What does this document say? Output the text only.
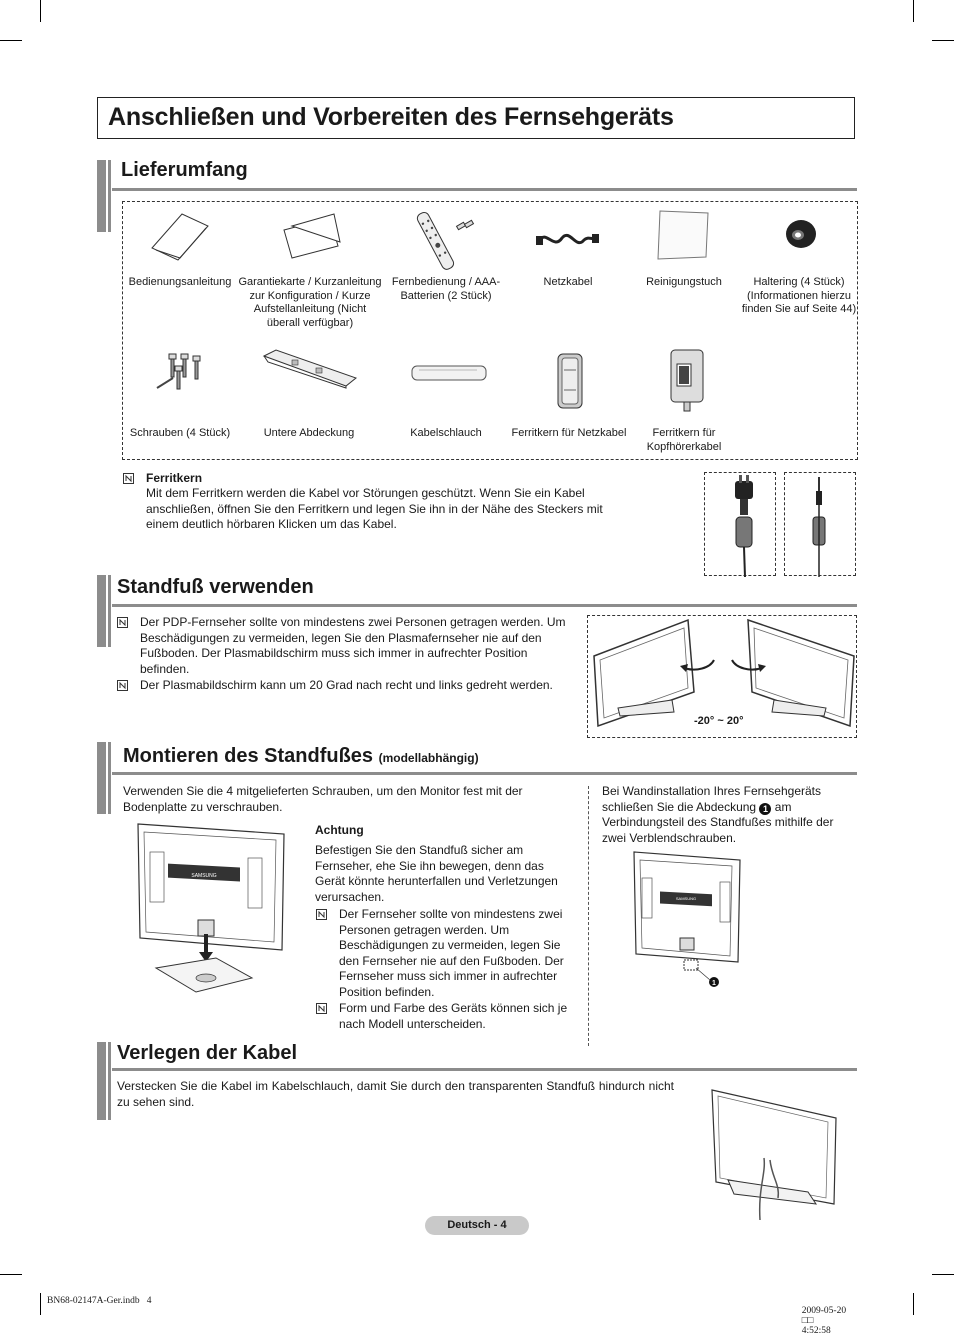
Anschließen und Vorbereiten des Fernsehgeräts
Lieferumfang
Bedienungsanleitung Garantiekarte / Kurzanleitung zur Konfiguration / Kurze Aufstellanleitung (Nicht überall verfügbar)
Fernbedienung / AAA-Batterien (2 Stück)
Netzkabel	Reinigungstuch	Haltering (4 Stück) (Informationen hierzu finden Sie auf Seite 44)
Schrauben (4 Stück)	Untere Abdeckung	Kabelschlauch	Ferritkern für Netzkabel	Ferritkern für Kopfhörerkabel
Ferritkern
Mit dem Ferritkern werden die Kabel vor Störungen geschützt. Wenn Sie ein Kabel anschließen, öffnen Sie den Ferritkern und legen Sie ihn in der Nähe des Steckers mit einem deutlich hörbaren Klicken um das Kabel.
Standfuß verwenden
Der PDP-Fernseher sollte von mindestens zwei Personen getragen werden. Um Beschädigungen zu vermeiden, legen Sie den Plasmafernseher nie auf den Fußboden. Der Plasmabildschirm muss sich immer in aufrechter Position befinden.
Der Plasmabildschirm kann um 20 Grad nach recht und links gedreht werden.
-20° ~ 20°
Montieren des Standfußes (modellabhängig)
Verwenden Sie die 4 mitgelieferten Schrauben, um den Monitor fest mit der Bodenplatte zu verschrauben.
SAMSUNG
Achtung
Befestigen Sie den Standfuß sicher am Fernseher, ehe Sie ihn bewegen, denn das Gerät könnte herunterfallen und Verletzungen verursachen.
Der Fernseher sollte von mindestens zwei Personen getragen werden. Um Beschädigungen zu vermeiden, legen Sie den Fernseher nie auf den Fußboden. Der Fernseher muss sich immer in aufrechter Position befinden.
Form und Farbe des Geräts können sich je nach Modell unterscheiden.
Bei Wandinstallation Ihres Fernsehgeräts schließen Sie die Abdeckung 1 am Verbindungsteil des Standfußes mithilfe der zwei Verblendschrauben.
SAMSUNG
1
Verlegen der Kabel
Verstecken Sie die Kabel im Kabelschlauch, damit Sie durch den transparenten Standfuß hindurch nicht zu sehen sind.
Deutsch - 4
BN68-02147A-Ger.indb   4

2009-05-20
□□
4:52:58
